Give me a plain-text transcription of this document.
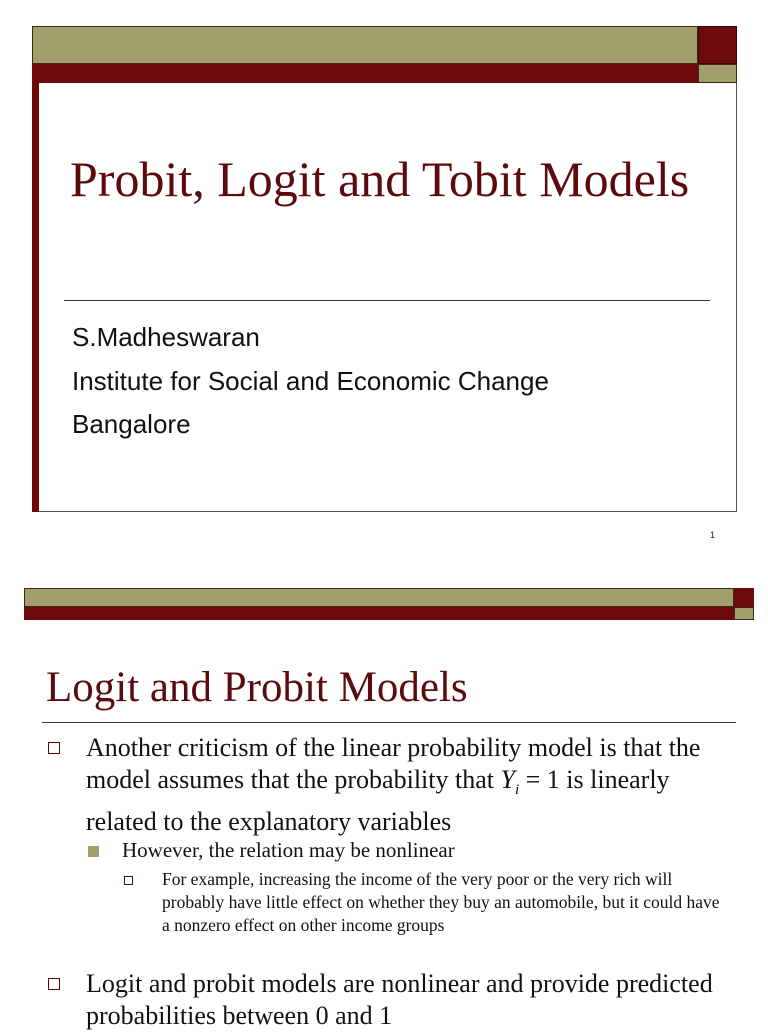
Probit, Logit and Tobit Models
S.Madheswaran
Institute for Social and Economic Change
Bangalore
1
Logit and Probit Models
Another criticism of the linear probability model is that the model assumes that the probability that $Y_i = 1$ is linearly related to the explanatory variables
However, the relation may be nonlinear
For example, increasing the income of the very poor or the very rich will probably have little effect on whether they buy an automobile, but it could have a nonzero effect on other income groups
Logit and probit models are nonlinear and provide predicted probabilities between 0 and 1
